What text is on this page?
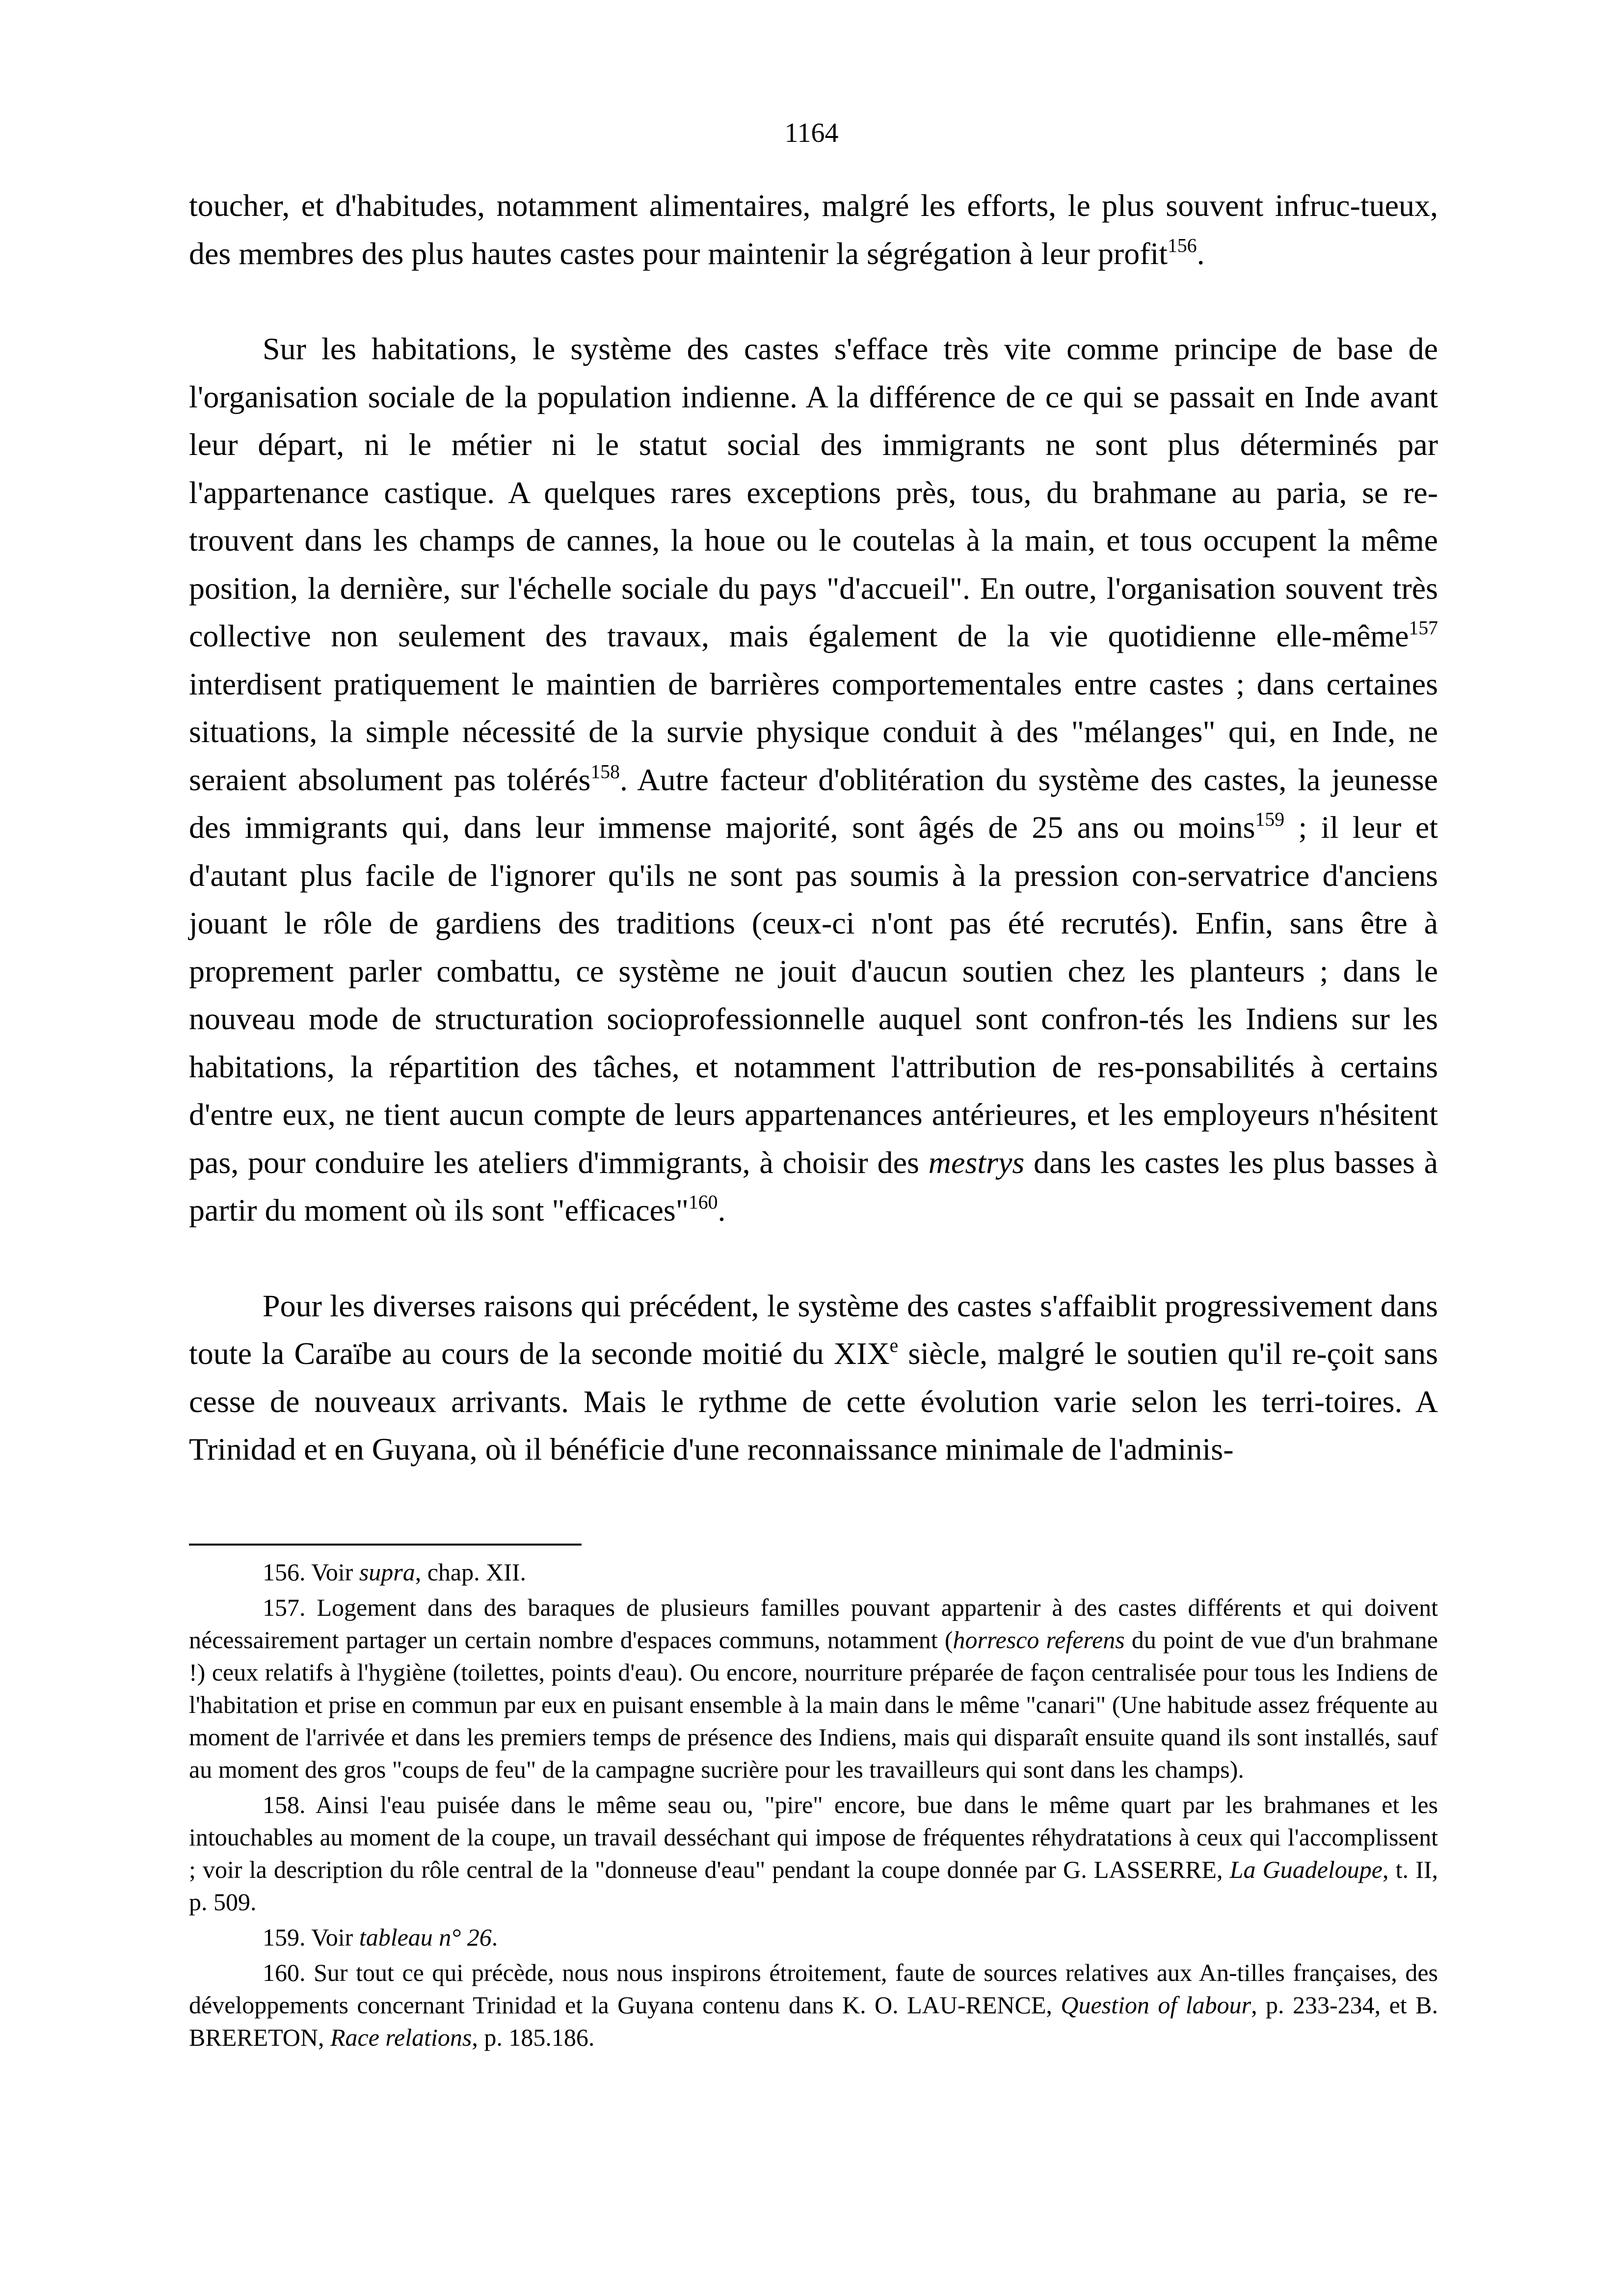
1164

toucher, et d'habitudes, notamment alimentaires, malgré les efforts, le plus souvent infruc-tueux, des membres des plus hautes castes pour maintenir la ségrégation à leur profit$^{156}$.

Sur les habitations, le système des castes s'efface très vite comme principe de base de l'organisation sociale de la population indienne. A la différence de ce qui se passait en Inde avant leur départ, ni le métier ni le statut social des immigrants ne sont plus déterminés par l'appartenance castique. A quelques rares exceptions près, tous, du brahmane au paria, se re-trouvent dans les champs de cannes, la houe ou le coutelas à la main, et tous occupent la même position, la dernière, sur l'échelle sociale du pays "d'accueil". En outre, l'organisation souvent très collective non seulement des travaux, mais également de la vie quotidienne elle-même$^{157}$ interdisent pratiquement le maintien de barrières comportementales entre castes ; dans certaines situations, la simple nécessité de la survie physique conduit à des "mélanges" qui, en Inde, ne seraient absolument pas tolérés$^{158}$. Autre facteur d'oblitération du système des castes, la jeunesse des immigrants qui, dans leur immense majorité, sont âgés de 25 ans ou moins$^{159}$ ; il leur et d'autant plus facile de l'ignorer qu'ils ne sont pas soumis à la pression con-servatrice d'anciens jouant le rôle de gardiens des traditions (ceux-ci n'ont pas été recrutés). Enfin, sans être à proprement parler combattu, ce système ne jouit d'aucun soutien chez les planteurs ; dans le nouveau mode de structuration socioprofessionnelle auquel sont confron-tés les Indiens sur les habitations, la répartition des tâches, et notamment l'attribution de res-ponsabilités à certains d'entre eux, ne tient aucun compte de leurs appartenances antérieures, et les employeurs n'hésitent pas, pour conduire les ateliers d'immigrants, à choisir des mestrys dans les castes les plus basses à partir du moment où ils sont "efficaces"$^{160}$.

Pour les diverses raisons qui précédent, le système des castes s'affaiblit progressivement dans toute la Caraïbe au cours de la seconde moitié du XIXe siècle, malgré le soutien qu'il re-çoit sans cesse de nouveaux arrivants. Mais le rythme de cette évolution varie selon les terri-toires. A Trinidad et en Guyana, où il bénéficie d'une reconnaissance minimale de l'adminis-

156. Voir supra, chap. XII.

157. Logement dans des baraques de plusieurs familles pouvant appartenir à des castes différents et qui doivent nécessairement partager un certain nombre d'espaces communs, notamment (horresco referens du point de vue d'un brahmane !) ceux relatifs à l'hygiène (toilettes, points d'eau). Ou encore, nourriture préparée de façon centralisée pour tous les Indiens de l'habitation et prise en commun par eux en puisant ensemble à la main dans le même "canari" (Une habitude assez fréquente au moment de l'arrivée et dans les premiers temps de présence des Indiens, mais qui disparaît ensuite quand ils sont installés, sauf au moment des gros "coups de feu" de la campagne sucrière pour les travailleurs qui sont dans les champs).

158. Ainsi l'eau puisée dans le même seau ou, "pire" encore, bue dans le même quart par les brahmanes et les intouchables au moment de la coupe, un travail desséchant qui impose de fréquentes réhydratations à ceux qui l'accomplissent ; voir la description du rôle central de la "donneuse d'eau" pendant la coupe donnée par G. LASSERRE, La Guadeloupe, t. II, p. 509.

159. Voir tableau n° 26.

160. Sur tout ce qui précède, nous nous inspirons étroitement, faute de sources relatives aux An-tilles françaises, des développements concernant Trinidad et la Guyana contenu dans K. O. LAU-RENCE, Question of labour, p. 233-234, et B. BRERETON, Race relations, p. 185.186.
